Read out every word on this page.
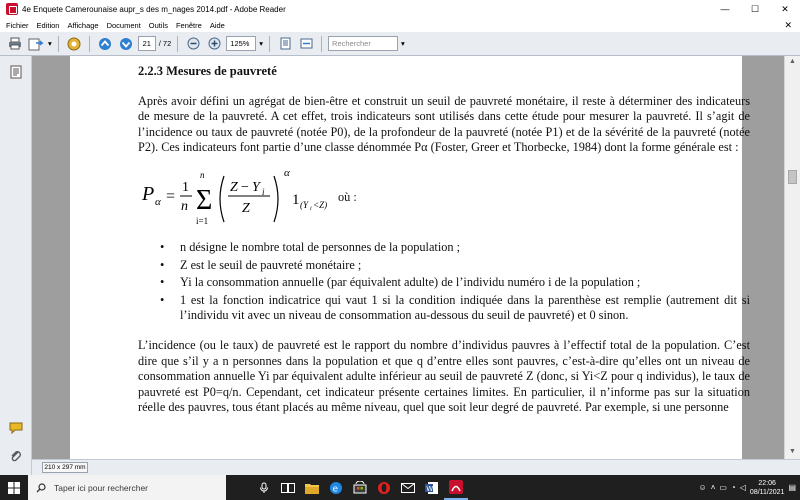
4e Enquete Camerounaise aupr_s des m_nages 2014.pdf - Adobe Reader	—	☐	✕
Fichier Edition Affichage Document Outils Fenêtre Aide	✕
▾	21	/ 72	125%	▾	Rechercher	▾
2.2.3 Mesures de pauvreté
Après avoir défini un agrégat de bien-être et construit un seuil de pauvreté monétaire, il reste à déterminer des indicateurs de mesure de la pauvreté. A cet effet, trois indicateurs sont utilisés dans cette étude pour mesurer la pauvreté. Il s’agit de l’incidence ou taux de pauvreté (notée P0), de la profondeur de la pauvreté (notée P1) et de la sévérité de la pauvreté (notée P2). Ces indicateurs font partie d’une classe dénommée Pα (Foster, Greer et Thorbecke, 1984) dont la forme générale est :
P α =
1
n
n
Σ
i=1
Z − Y i
Z
α
1 (Y i <Z)
où :
• n désigne le nombre total de personnes de la population ;
• Z est le seuil de pauvreté monétaire ;
• Yi la consommation annuelle (par équivalent adulte) de l’individu numéro i de la population ;
• 1 est la fonction indicatrice qui vaut 1 si la condition indiquée dans la parenthèse est remplie (autrement dit si l’individu vit avec un niveau de consommation au-dessous du seuil de pauvreté) et 0 sinon.
L’incidence (ou le taux) de pauvreté est le rapport du nombre d’individus pauvres à l’effectif total de la population. C’est dire que s’il y a n personnes dans la population et que q d’entre elles sont pauvres, c’est-à-dire qu’elles ont un niveau de consommation annuelle Yi par équivalent adulte inférieur au seuil de pauvreté Z (donc, si Yi<Z pour q individus), le taux de pauvreté est P0=q/n. Cependant, cet indicateur présente certaines limites. En particulier, il n’informe pas sur la situation réelle des pauvres, tous étant placés au même niveau, quel que soit leur degré de pauvreté. Par exemple, si une personne
▲
▼
210 x 297 mm
Taper ici pour rechercher	e	W	☺ ˄ ▭ ◔ ◁	22:06
08/11/2021 ▤
